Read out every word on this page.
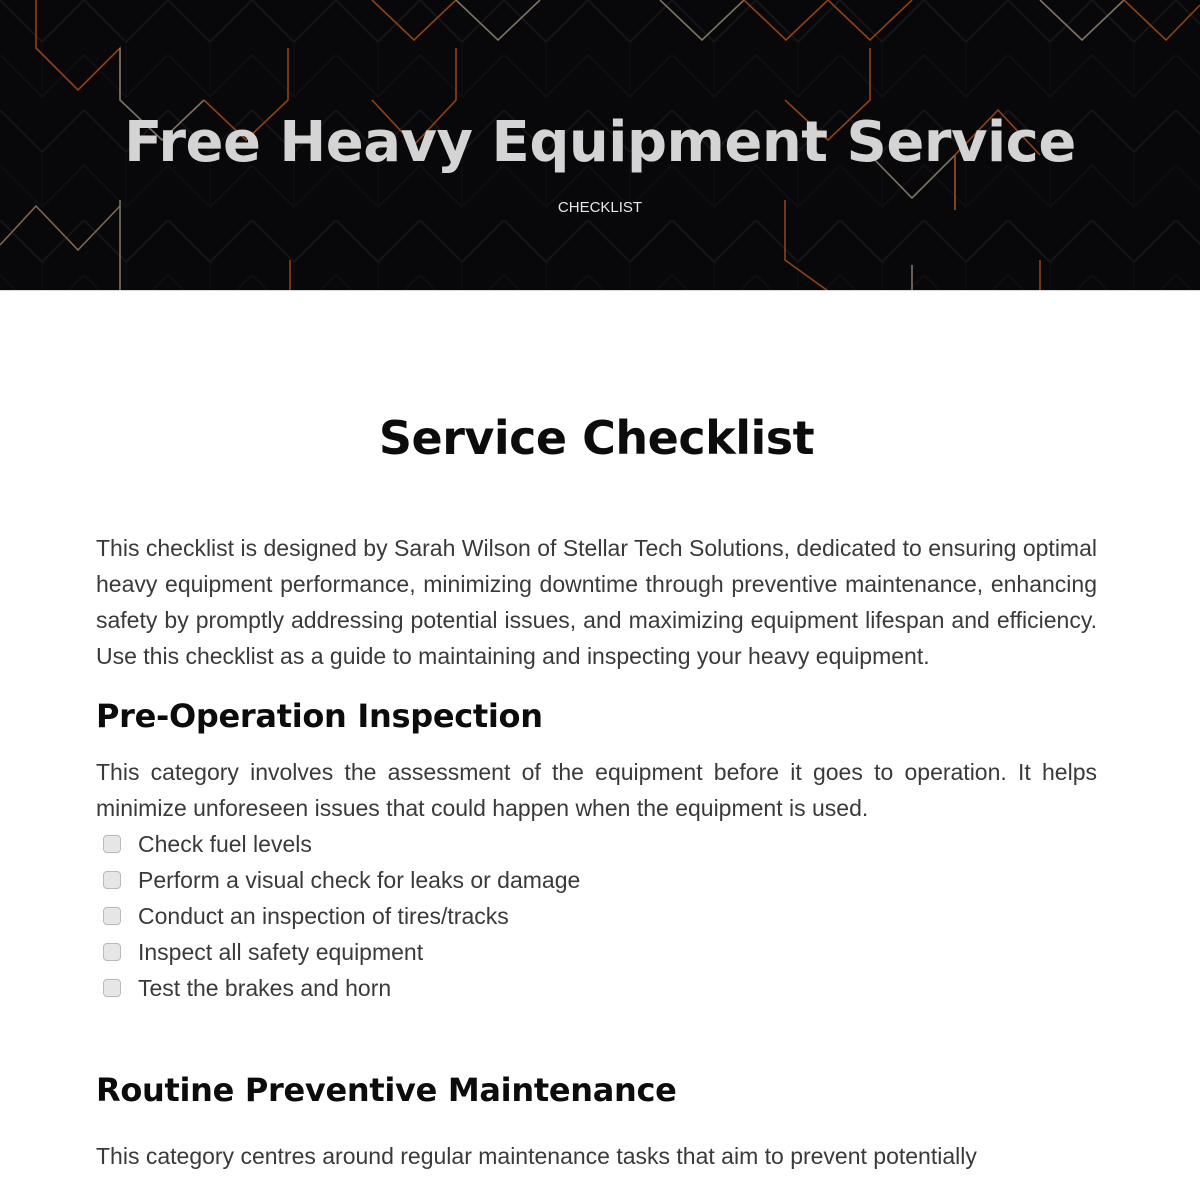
Free Heavy Equipment Service
CHECKLIST
Service Checklist

This checklist is designed by Sarah Wilson of Stellar Tech Solutions, dedicated to ensuring optimal heavy equipment performance, minimizing downtime through preventive maintenance, enhancing safety by promptly addressing potential issues, and maximizing equipment lifespan and efficiency. Use this checklist as a guide to maintaining and inspecting your heavy equipment.

Pre-Operation Inspection

This category involves the assessment of the equipment before it goes to operation. It helps minimize unforeseen issues that could happen when the equipment is used.

Check fuel levels
Perform a visual check for leaks or damage
Conduct an inspection of tires/tracks
Inspect all safety equipment
Test the brakes and horn
Routine Preventive Maintenance

This category centres around regular maintenance tasks that aim to prevent potentially
